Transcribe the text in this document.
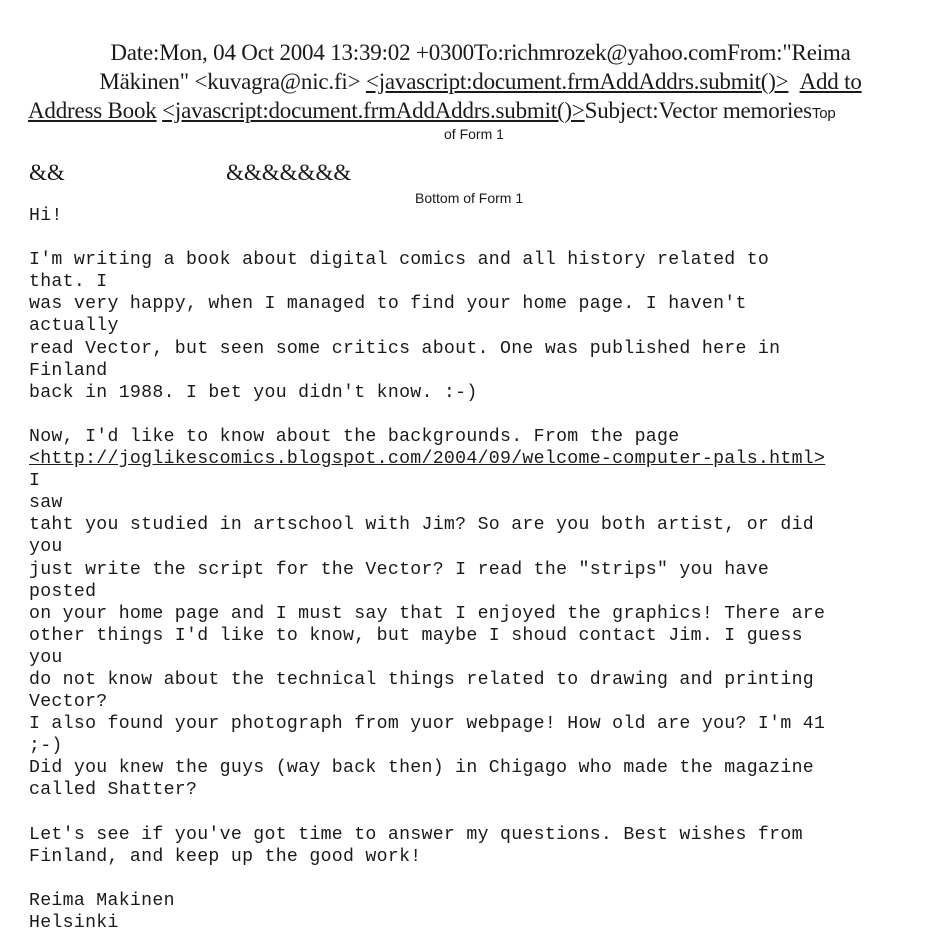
Date:Mon, 04 Oct 2004 13:39:02 +0300To:richmrozek@yahoo.comFrom:"Reima
Mäkinen" <kuvagra@nic.fi> <javascript:document.frmAddAddrs.submit()> Add to
Address Book <javascript:document.frmAddAddrs.submit()>Subject:Vector memoriesTop
of Form 1
&&	&&&&&&&
Bottom of Form 1
Hi!
I'm writing a book about digital comics and all history related to
that. I
was very happy, when I managed to find your home page. I haven't
actually
read Vector, but seen some critics about. One was published here in
Finland
back in 1988. I bet you didn't know. :-)
Now, I'd like to know about the backgrounds. From the page
<http://joglikescomics.blogspot.com/2004/09/welcome-computer-pals.html>
I
saw
taht you studied in artschool with Jim? So are you both artist, or did
you
just write the script for the Vector? I read the "strips" you have
posted
on your home page and I must say that I enjoyed the graphics! There are
other things I'd like to know, but maybe I shoud contact Jim. I guess
you
do not know about the technical things related to drawing and printing
Vector?
I also found your photograph from yuor webpage! How old are you? I'm 41
;-)
Did you knew the guys (way back then) in Chigago who made the magazine
called Shatter?
Let's see if you've got time to answer my questions. Best wishes from
Finland, and keep up the good work!
Reima Makinen
Helsinki
